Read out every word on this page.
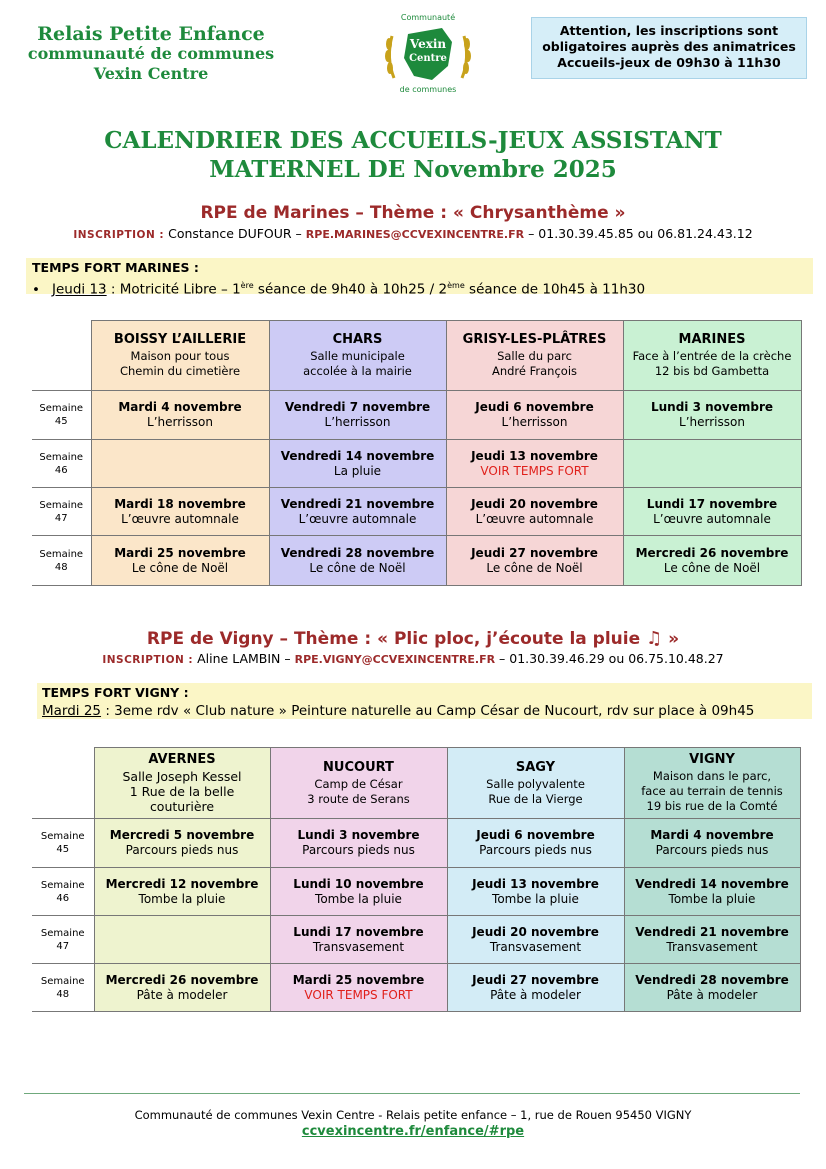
Relais Petite Enfance
communauté de communes
Vexin Centre
Communauté
Vexin
Centre
de communes
Attention, les inscriptions sont
obligatoires auprès des animatrices
Accueils-jeux de 09h30 à 11h30
CALENDRIER DES ACCUEILS-JEUX ASSISTANT
MATERNEL DE Novembre 2025
RPE de Marines – Thème : « Chrysanthème »
INSCRIPTION : Constance DUFOUR – RPE.MARINES@CCVEXINCENTRE.FR – 01.30.39.45.85 ou 06.81.24.43.12
TEMPS FORT MARINES :
• Jeudi 13 : Motricité Libre – 1ère séance de 9h40 à 10h25 / 2ème séance de 10h45 à 11h30

	BOISSY L’AILLERIE
Maison pour tous
Chemin du cimetière	CHARS
Salle municipale
accolée à la mairie	GRISY-LES-PLÂTRES
Salle du parc
André François	MARINES
Face à l’entrée de la crèche
12 bis bd Gambetta

Semaine
45	Mardi 4 novembre
L’herrisson	Vendredi 7 novembre
L’herrisson	Jeudi 6 novembre
L’herrisson	Lundi 3 novembre
L’herrisson
Semaine
46		Vendredi 14 novembre
La pluie	Jeudi 13 novembre
VOIR TEMPS FORT	

Semaine
47	Mardi 18 novembre
L’œuvre automnale	Vendredi 21 novembre
L’œuvre automnale	Jeudi 20 novembre
L’œuvre automnale	Lundi 17 novembre
L’œuvre automnale
Semaine
48	Mardi 25 novembre
Le cône de Noël	Vendredi 28 novembre
Le cône de Noël	Jeudi 27 novembre
Le cône de Noël	Mercredi 26 novembre
Le cône de Noël
RPE de Vigny – Thème : « Plic ploc, j’écoute la pluie ♫ »
INSCRIPTION : Aline LAMBIN – RPE.VIGNY@CCVEXINCENTRE.FR – 01.30.39.46.29 ou 06.75.10.48.27
TEMPS FORT VIGNY :
Mardi 25 : 3eme rdv « Club nature » Peinture naturelle au Camp César de Nucourt, rdv sur place à 09h45

	AVERNES
Salle Joseph Kessel
1 Rue de la belle
couturière	NUCOURT
Camp de César
3 route de Serans	SAGY
Salle polyvalente
Rue de la Vierge	VIGNY
Maison dans le parc,
face au terrain de tennis
19 bis rue de la Comté

Semaine
45	Mercredi 5 novembre
Parcours pieds nus	Lundi 3 novembre
Parcours pieds nus	Jeudi 6 novembre
Parcours pieds nus	Mardi 4 novembre
Parcours pieds nus
Semaine
46	Mercredi 12 novembre
Tombe la pluie	Lundi 10 novembre
Tombe la pluie	Jeudi 13 novembre
Tombe la pluie	Vendredi 14 novembre
Tombe la pluie
Semaine
47		Lundi 17 novembre
Transvasement	Jeudi 20 novembre
Transvasement	Vendredi 21 novembre
Transvasement
Semaine
48	Mercredi 26 novembre
Pâte à modeler	Mardi 25 novembre
VOIR TEMPS FORT	Jeudi 27 novembre
Pâte à modeler	Vendredi 28 novembre
Pâte à modeler
Communauté de communes Vexin Centre - Relais petite enfance – 1, rue de Rouen 95450 VIGNY
ccvexincentre.fr/enfance/#rpe
